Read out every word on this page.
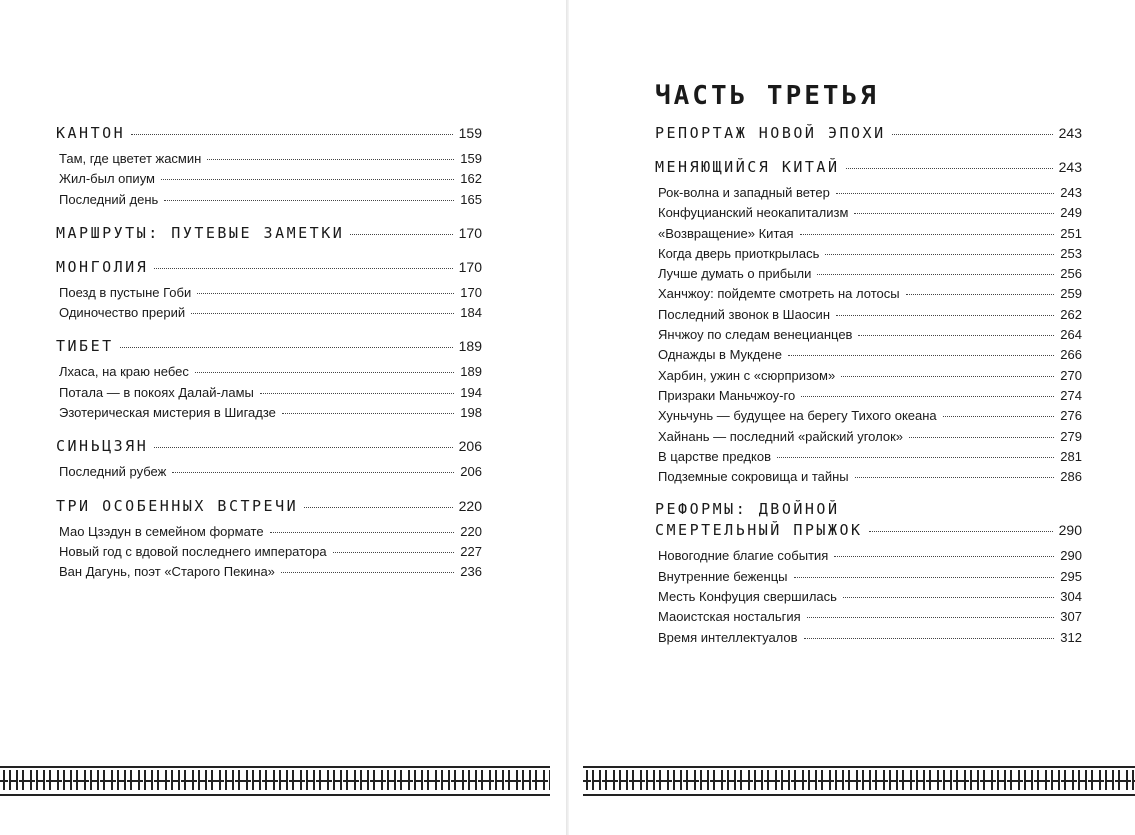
КАНТОН	159
Там, где цветет жасмин	159
Жил-был опиум	162
Последний день	165
МАРШРУТЫ: ПУТЕВЫЕ ЗАМЕТКИ	170
МОНГОЛИЯ	170
Поезд в пустыне Гоби	170
Одиночество прерий	184
ТИБЕТ	189
Лхаса, на краю небес	189
Потала — в покоях Далай-ламы	194
Эзотерическая мистерия в Шигадзе	198
СИНЬЦЗЯН	206
Последний рубеж	206
ТРИ ОСОБЕННЫХ ВСТРЕЧИ	220
Мао Цзэдун в семейном формате	220
Новый год с вдовой последнего императора	227
Ван Дагунь, поэт «Старого Пекина»	236
ЧАСТЬ ТРЕТЬЯ
РЕПОРТАЖ НОВОЙ ЭПОХИ	243
МЕНЯЮЩИЙСЯ КИТАЙ	243
Рок-волна и западный ветер	243
Конфуцианский неокапитализм	249
«Возвращение» Китая	251
Когда дверь приоткрылась	253
Лучше думать о прибыли	256
Ханчжоу: пойдемте смотреть на лотосы	259
Последний звонок в Шаосин	262
Янчжоу по следам венецианцев	264
Однажды в Мукдене	266
Харбин, ужин с «сюрпризом»	270
Призраки Маньчжоу-го	274
Хуньчунь — будущее на берегу Тихого океана	276
Хайнань — последний «райский уголок»	279
В царстве предков	281
Подземные сокровища и тайны	286
РЕФОРМЫ: ДВОЙНОЙ
СМЕРТЕЛЬНЫЙ ПРЫЖОК	290
Новогодние благие события	290
Внутренние беженцы	295
Месть Конфуция свершилась	304
Маоистская ностальгия	307
Время интеллектуалов	312
